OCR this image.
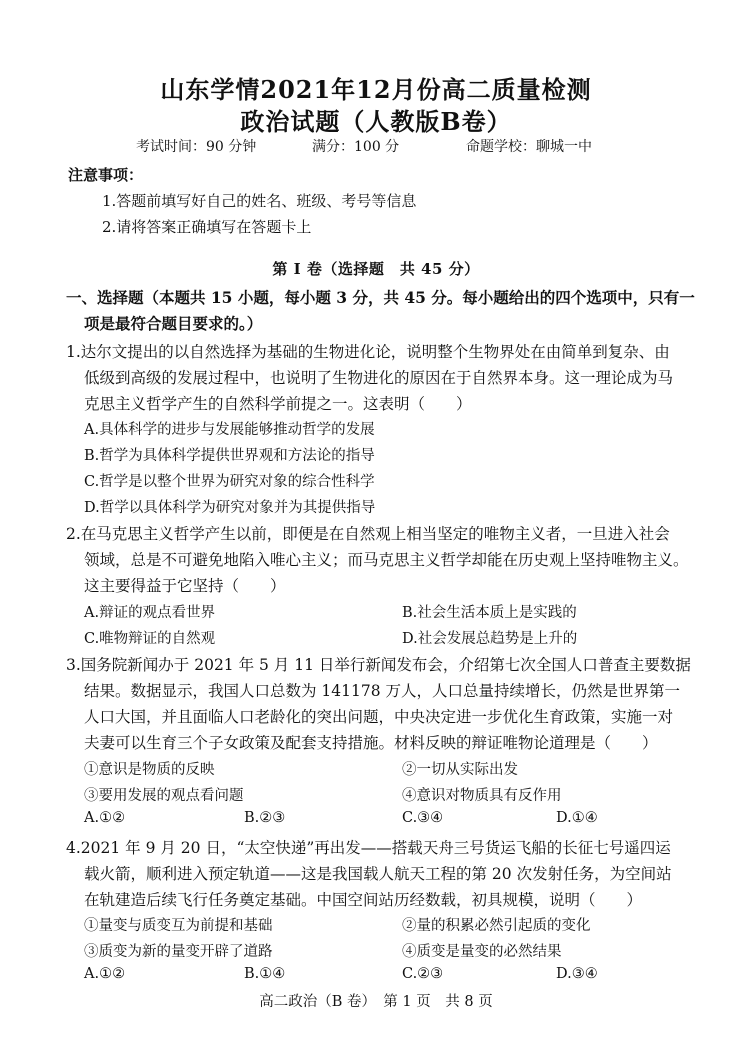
山东学情2021年12月份高二质量检测
政治试题（人教版B卷）
考试时间：90 分钟	满分：100 分	命题学校：聊城一中
注意事项：
1.答题前填写好自己的姓名、班级、考号等信息
2.请将答案正确填写在答题卡上
第 I 卷（选择题　共 45 分）
一、选择题（本题共 15 小题，每小题 3 分，共 45 分。每小题给出的四个选项中，只有一
项是最符合题目要求的。）
1.达尔文提出的以自然选择为基础的生物进化论，说明整个生物界处在由简单到复杂、由
低级到高级的发展过程中，也说明了生物进化的原因在于自然界本身。这一理论成为马
克思主义哲学产生的自然科学前提之一。这表明（　　）
A.具体科学的进步与发展能够推动哲学的发展
B.哲学为具体科学提供世界观和方法论的指导
C.哲学是以整个世界为研究对象的综合性科学
D.哲学以具体科学为研究对象并为其提供指导
2.在马克思主义哲学产生以前，即便是在自然观上相当坚定的唯物主义者，一旦进入社会
领域，总是不可避免地陷入唯心主义；而马克思主义哲学却能在历史观上坚持唯物主义。
这主要得益于它坚持（　　）
A.辩证的观点看世界	B.社会生活本质上是实践的
C.唯物辩证的自然观	D.社会发展总趋势是上升的
3.国务院新闻办于 2021 年 5 月 11 日举行新闻发布会，介绍第七次全国人口普查主要数据
结果。数据显示，我国人口总数为 141178 万人，人口总量持续增长，仍然是世界第一
人口大国，并且面临人口老龄化的突出问题，中央决定进一步优化生育政策，实施一对
夫妻可以生育三个子女政策及配套支持措施。材料反映的辩证唯物论道理是（　　）
①意识是物质的反映	②一切从实际出发
③要用发展的观点看问题	④意识对物质具有反作用
A.①②	B.②③	C.③④	D.①④
4.2021 年 9 月 20 日，“太空快递”再出发——搭载天舟三号货运飞船的长征七号遥四运
载火箭，顺利进入预定轨道——这是我国载人航天工程的第 20 次发射任务，为空间站
在轨建造后续飞行任务奠定基础。中国空间站历经数载，初具规模，说明（　　）
①量变与质变互为前提和基础	②量的积累必然引起质的变化
③质变为新的量变开辟了道路	④质变是量变的必然结果
A.①②	B.①④	C.②③	D.③④
高二政治（B 卷）　第 1 页　共 8 页
